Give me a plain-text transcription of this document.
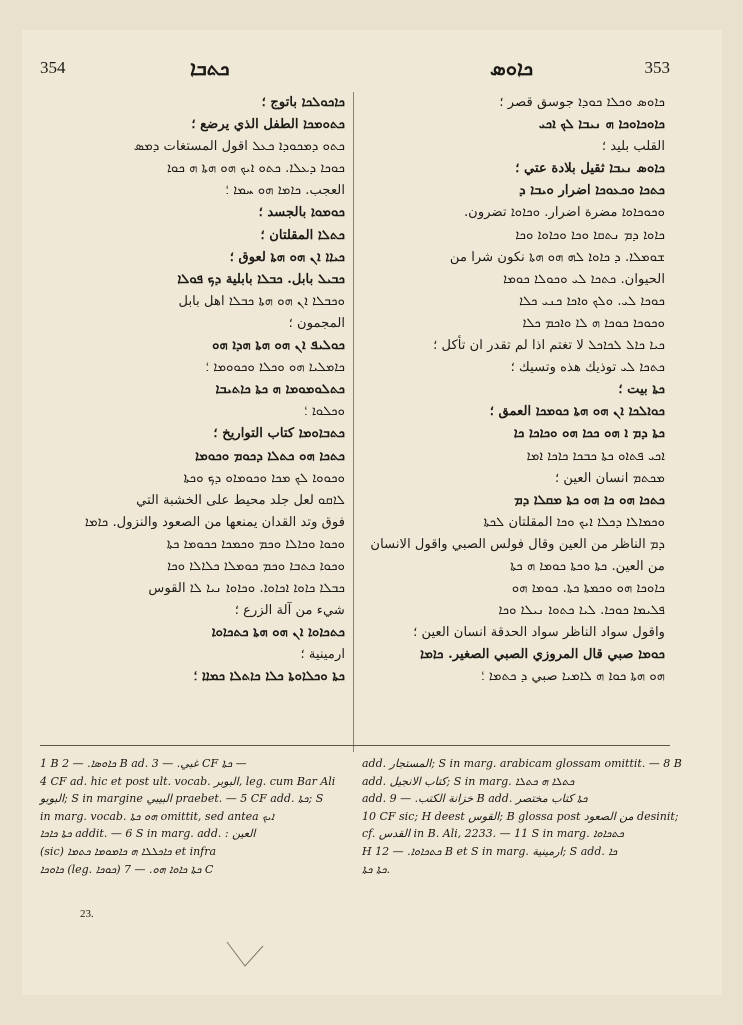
354	ܟܬܒܐ	ܟܐܘܣ	353
ܟܐܟܘܠܟܐ باتوج ؛
ܟܬܘܡܟܐ الطفل الذي يرضع ؛
ܟܬܘ ܕܡܟܘܕܐ ܟܥܠ اقول المستغات ܕܡܣ
ܟܘܟܐ ܕܥܠܐ. ܟܬܘ ܐܝܟ ܗܘ ܗܬܐ ܗ ܟܘܐ
العجب. ܟܐܡܐ ܗܘ ܚܡܐ ؛
ܟܘܡܘܐ بالجسد ؛
ܟܬܠܐ المقلتان ؛
ܟܝܐܐ ܐܢ ܗܘ ܗܬܐ لعوق ؛
ܟܒܝܠ بابل. ܟܒܠܐ بابلية ܕܟ ܦܘܠܐ
ܘܟܒܠܐ ܐܢ ܗܘ ܗܬܐ ܟܒܠܐ اهل بابل
المجمون ؛
ܟܘܠܝܦ ܐܢ ܗܘ ܗܬܐ ܗܕܐ ܗܘ
ܟܐܡܠܝܐ ܗܘ ܘܟܠܐ ܘܟܘܘܡܐ ؛
ܟܬܠܘܡܘܡܐ ܗ ܟܬܐ ܟܐܬܝܒܐ
ܘܟܠܘܐ ؛
ܟܬܒܐܘܡܐ كتاب التواريخ ؛
ܟܬܟܐ ܗܘ ܟܬܠܐ ܕܟܘܡ ܘܟܘܡܐ
ܘܟܘܘܐ ܠܟ ܡܟܐ ܘܟܘܡܐܘ ܕܟ ܘܟܬܐ
ܠܐܩܘ لعل جلد محيط على الخشبة التي
فوق وتد القدان يمنعها من الصعود والنزول. ܟܐܡܐ
ܘܟܘܐ ܘܟܐܠܐ ܘܟܡ ܘܟܡܟܐ ܟܟܘܡܐ ܟܬܐ
ܘܟܘܐ ܟܬܒܐ ܘܟܡ ܟܘܡܠܐ ܟܠܐܠܐ ܘܟܐ
ܟܒܠܐ ܟܐܘܐ ܐܟܐܘܐ. ܘܟܐܘܐ ܢܝܐ ܠܐ القوس
شيء من آلة الزرع ؛
ܟܬܟܐܘܐ ܐܢ ܗܘ ܗܬܐ ܟܬܟܐܘܐ
ارمينية ؛
ܟܬܐ ܘܟܠܐܘܬܐ ܟܠܐ ܟܐܬܠܐ ܟܡܐܐ ؛
ܟܐܘܣ ܘܟܠܐ ܟܘܕܐ جوسق قصر ؛
ܟܐܘܟܐܘܟܐ ܗ ܢܝܒܐ ܠܟ ܐܟܝ
القلب بليد ؛
ܟܐܘܣ ܢܝܒܐ ثقيل بلادة عتي ؛
ܟܬܟܐ ܘܟܥܘܟܐ اضرار ܘܝܒܐ ܕ
ܘܟܘܟܐܘܐ مضرة اضرار. ܘܟܐܘܐ تضرون.
ܟܐܘܐ ܕܡ ܢܬܩܐ ܘܟܐ ܘܟܐܘܐ ܘܟܐ
ܫܘܡܠܐ. ܕ ܟܐܘܐ ܠܗ ܗܘ ܗܬܐ نكون شرا من
الحيوان. ܟܬܟܐ ܠܝ ܘܟܘܠܐ ܟܘܡܐ
ܟܘܟܐ ܠܝ. ܘܠܟ ܘܐܟܐ ܟܢܝ ܟܠܐ
ܘܟܘܟܐ ܟܘܟܐ ܗ ܠܐ ܘܐܟܡ ܟܠܐ
ܟܝܐ ܟܐܠ ܠܟܐܟܠ لا تغتم اذا لم تقدر ان تأكل ؛
ܟܬܟܐ ܠܝ توذيك هذه وتسيك ؛
ܟܬܐ بيت ؛
ܟܘܐܠܟܐ ܐܢ ܗܘ ܗܬܐ ܟܘܡܟܐ العمق ؛
ܟܬܐ ܕܡ ܐ ܗܘ ܟܟܐ ܗܘ ܘܟܐܟܐ ܟܐ
ܐܟܝ ܦܬܐܘ ܟܬܐ ܟܒܟܐ ܟܐܟܐ ܐܡܐ
ܡܟܬܡ انسان العين ؛
ܟܬܟܐ ܗܘ ܟܐ ܗܘ ܟܬܐ ܡܩܠܐ ܕܡ
ܘܟܡܐܠܐ ܕܟܠܐ ܐܝܟ ܘܟܐ المقلتان ܠܟܬܐ
ܕܡ الناظر من العين وقال فولس الصبي واقول الانسان
من العين. ܟܬܐ ܘܟܬܐ ܟܘܡܐ ܗ ܟܬܐ
ܟܐܘܟܐ ܗܘ ܘܟܡܬܐ ܟܬܐ. ܟܘܡܐ ܗܘ
ܦܠܝܡܐ ܟܘܟܐ. ܠܝܐ ܟܬܘܐ ܢܝܠܐ ܘܟܐ
واقول سواد الناظر سواد الحدقة انسان العين ؛
ܟܘܡܐ صبي قال المروزي الصبي الصغير. ܟܐܡܐ
ܗܘ ܗܬܐ ܟܘܐ ܗ ܠܐܡܝܐ صبي ܕ ܟܬܡܐ ؛
1 B ܟܐܘܣܐ. — 2 B ad. غبي. — 3 CF ܟܬܐ —
4 CF ad. hic et post ult. vocab. البوبر, leg. cum Bar Ali
البوبو; S in margine البيبي praebet. — 5 CF add. ܟܬܐ; S
in marg. vocab. ܗܘ ܟܬܐ omittit, sed antea ܐܝܟ
ܟܬܐ ܟܐܟܐ addit. — 6 S in marg. add. : العين
(sic) ܟܐܟܠܠܐ ܗ ܟܐܡܘܡܐ ܟܬܡܐ et infra
ܟܐܘܟܐ (leg. ܟܘܟܐ) ܟܬܐ ܟܐܘܐ ܗܘ. — 7 C
add. المستجار; S in marg. arabicam glossam omittit. — 8 B
add. كتاب الانجيل; S in marg. ܟܬܠܐ ܗ ܟܬܠܐ
add. خزانة الكتب. — 9 B add. ܟܬܐ كتاب مختصر
10 CF sic; H deest القوس; B glossa post من الصعود desinit;
cf. القدس in B. Ali, 2233. — 11 S in marg. ܟܬܟܐܘܐ
H ܟܬܟܐܘܐ. — 12 B et S in marg. ارمينية; S add. ܟܐ
ܟܬܐ ܟܬܐ.
23.
